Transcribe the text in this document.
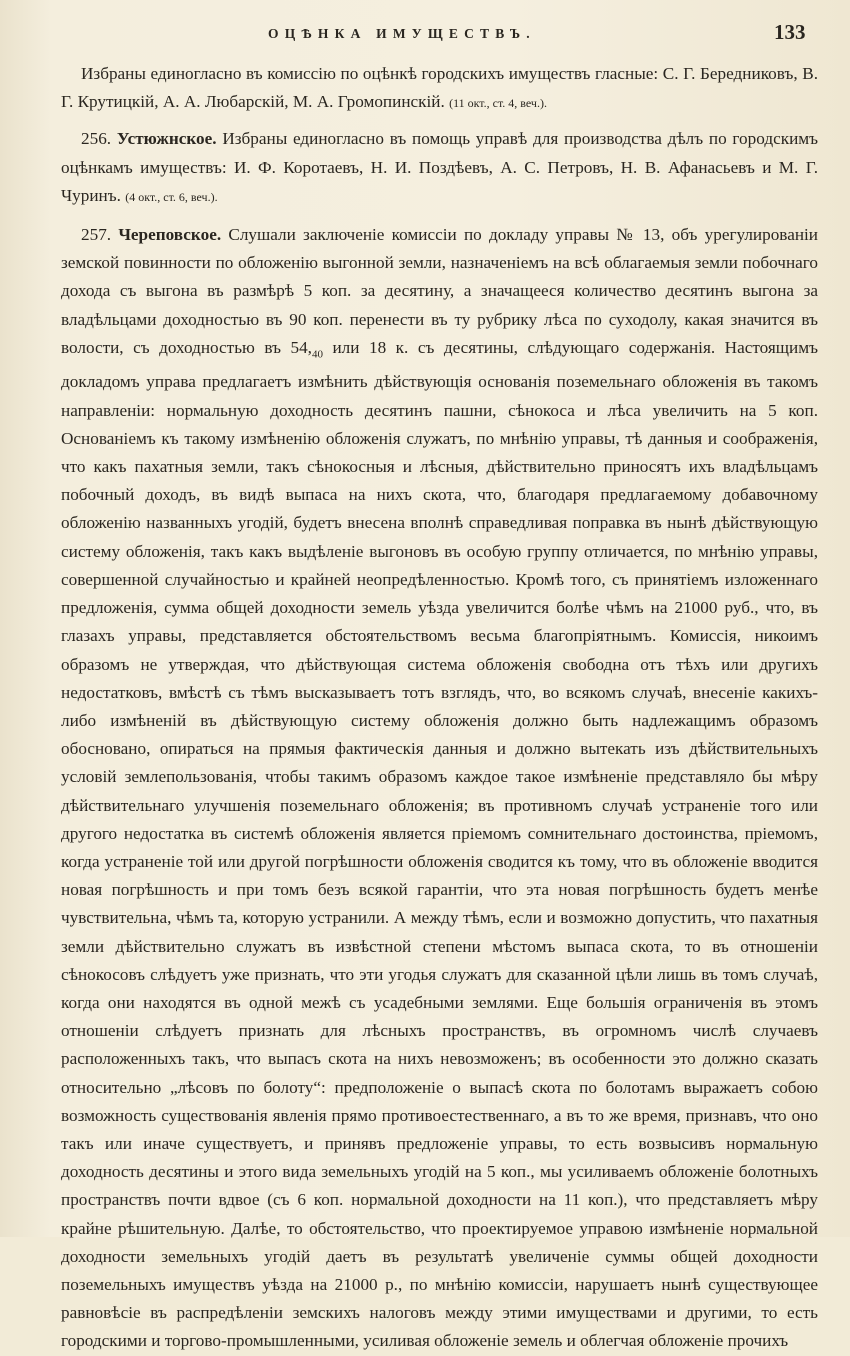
ОЦѢНКА ИМУЩЕСТВЪ.	133

Избраны единогласно въ комиссію по оцѣнкѣ городскихъ имуществъ гласные: С. Г. Бередниковъ, В. Г. Крутицкій, А. А. Любарскій, М. А. Громопинскій. (11 окт., ст. 4, веч.).

256. Устюжнское. Избраны единогласно въ помощь управѣ для производства дѣлъ по городскимъ оцѣнкамъ имуществъ: И. Ф. Коротаевъ, Н. И. Поздѣевъ, А. С. Петровъ, Н. В. Афанасьевъ и М. Г. Чуринъ. (4 окт., ст. 6, веч.).

257. Череповское. Слушали заключеніе комиссіи по докладу управы № 13, объ урегулированіи земской повинности по обложенію выгонной земли, назначеніемъ на всѣ облагаемыя земли побочнаго дохода съ выгона въ размѣрѣ 5 коп. за десятину, а значащееся количество десятинъ выгона за владѣльцами доходностью въ 90 коп. перенести въ ту рубрику лѣса по суходолу, какая значится въ волости, съ доходностью въ $54,_{40}$ или 18 к. съ десятины, слѣдующаго содержанія. Настоящимъ докладомъ управа предлагаетъ измѣнить дѣйствующія основанія поземельнаго обложенія въ такомъ направленіи: нормальную доходность десятинъ пашни, сѣнокоса и лѣса увеличить на 5 коп. Основаніемъ къ такому измѣненію обложенія служатъ, по мнѣнію управы, тѣ данныя и соображенія, что какъ пахатныя земли, такъ сѣнокосныя и лѣсныя, дѣйствительно приносятъ ихъ владѣльцамъ побочный доходъ, въ видѣ выпаса на нихъ скота, что, благодаря предлагаемому добавочному обложенію названныхъ угодій, будетъ внесена вполнѣ справедливая поправка въ нынѣ дѣйствующую систему обложенія, такъ какъ выдѣленіе выгоновъ въ особую группу отличается, по мнѣнію управы, совершенной случайностью и крайней неопредѣленностью. Кромѣ того, съ принятіемъ изложеннаго предложенія, сумма общей доходности земель уѣзда увеличится болѣе чѣмъ на 21000 руб., что, въ глазахъ управы, представляется обстоятельствомъ весьма благопріятнымъ. Комиссія, никоимъ образомъ не утверждая, что дѣйствующая система обложенія свободна отъ тѣхъ или другихъ недостатковъ, вмѣстѣ съ тѣмъ высказываетъ тотъ взглядъ, что, во всякомъ случаѣ, внесеніе какихъ-либо измѣненій въ дѣйствующую систему обложенія должно быть надлежащимъ образомъ обосновано, опираться на прямыя фактическія данныя и должно вытекать изъ дѣйствительныхъ условій землепользованія, чтобы такимъ образомъ каждое такое измѣненіе представляло бы мѣру дѣйствительнаго улучшенія поземельнаго обложенія; въ противномъ случаѣ устраненіе того или другого недостатка въ системѣ обложенія является пріемомъ сомнительнаго достоинства, пріемомъ, когда устраненіе той или другой погрѣшности обложенія сводится къ тому, что въ обложеніе вводится новая погрѣшность и при томъ безъ всякой гарантіи, что эта новая погрѣшность будетъ менѣе чувствительна, чѣмъ та, которую устранили. А между тѣмъ, если и возможно допустить, что пахатныя земли дѣйствительно служатъ въ извѣстной степени мѣстомъ выпаса скота, то въ отношеніи сѣнокосовъ слѣдуетъ уже признать, что эти угодья служатъ для сказанной цѣли лишь въ томъ случаѣ, когда они находятся въ одной межѣ съ усадебными землями. Еще большія ограниченія въ этомъ отношеніи слѣдуетъ признать для лѣсныхъ пространствъ, въ огромномъ числѣ случаевъ расположенныхъ такъ, что выпасъ скота на нихъ невозможенъ; въ особенности это должно сказать относительно „лѣсовъ по болоту“: предположеніе о выпасѣ скота по болотамъ выражаетъ собою возможность существованія явленія прямо противоестественнаго, а въ то же время, признавъ, что оно такъ или иначе существуетъ, и принявъ предложеніе управы, то есть возвысивъ нормальную доходность десятины и этого вида земельныхъ угодій на 5 коп., мы усиливаемъ обложеніе болотныхъ пространствъ почти вдвое (съ 6 коп. нормальной доходности на 11 коп.), что представляетъ мѣру крайне рѣшительную. Далѣе, то обстоятельство, что проектируемое управою измѣненіе нормальной доходности земельныхъ угодій даетъ въ результатѣ увеличеніе суммы общей доходности поземельныхъ имуществъ уѣзда на 21000 р., по мнѣнію комиссіи, нарушаетъ нынѣ существующее равновѣсіе въ распредѣленіи земскихъ налоговъ между этими имуществами и другими, то есть городскими и торгово-промышленными, усиливая обложеніе земель и облегчая обложеніе прочихъ
